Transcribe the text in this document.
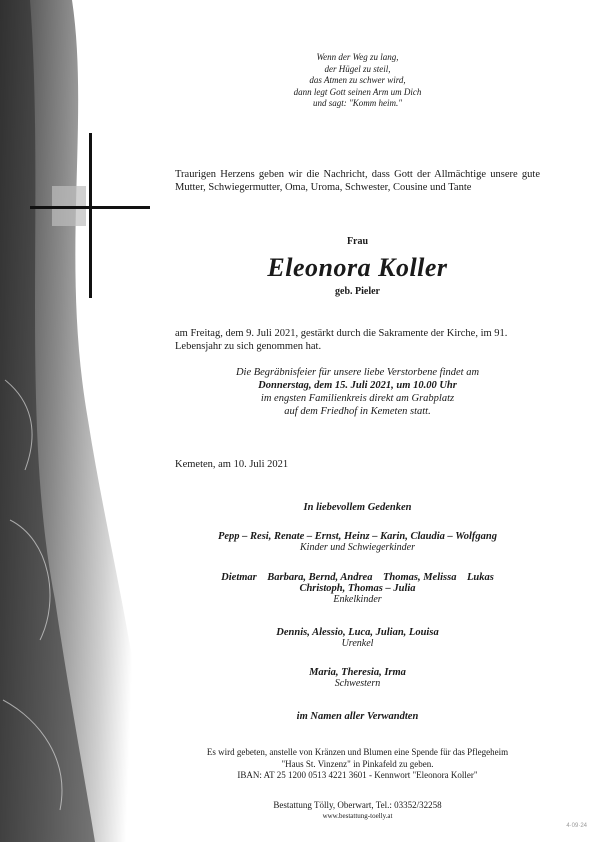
Wenn der Weg zu lang,
der Hügel zu steil,
das Atmen zu schwer wird,
dann legt Gott seinen Arm um Dich
und sagt: "Komm heim."
Traurigen Herzens geben wir die Nachricht, dass Gott der Allmächtige unsere gute Mutter, Schwiegermutter, Oma, Uroma, Schwester, Cousine und Tante
Frau
Eleonora Koller
geb. Pieler
am Freitag, dem 9. Juli 2021, gestärkt durch die Sakramente der Kirche, im 91. Lebensjahr zu sich genommen hat.
Die Begräbnisfeier für unsere liebe Verstorbene findet am
Donnerstag, dem 15. Juli 2021, um 10.00 Uhr
im engsten Familienkreis direkt am Grabplatz
auf dem Friedhof in Kemeten statt.
Kemeten, am 10. Juli 2021
In liebevollem Gedenken
Pepp – Resi, Renate – Ernst, Heinz – Karin, Claudia – Wolfgang
Kinder und Schwiegerkinder
Dietmar    Barbara, Bernd, Andrea    Thomas, Melissa    Lukas
Christoph, Thomas – Julia
Enkelkinder
Dennis, Alessio, Luca, Julian, Louisa
Urenkel
Maria, Theresia, Irma
Schwestern
im Namen aller Verwandten
Es wird gebeten, anstelle von Kränzen und Blumen eine Spende für das Pflegeheim
"Haus St. Vinzenz" in Pinkafeld zu geben.
IBAN: AT 25 1200 0513 4221 3601 - Kennwort "Eleonora Koller"
Bestattung Tölly, Oberwart, Tel.: 03352/32258
www.bestattung-toelly.at
4·09·24
